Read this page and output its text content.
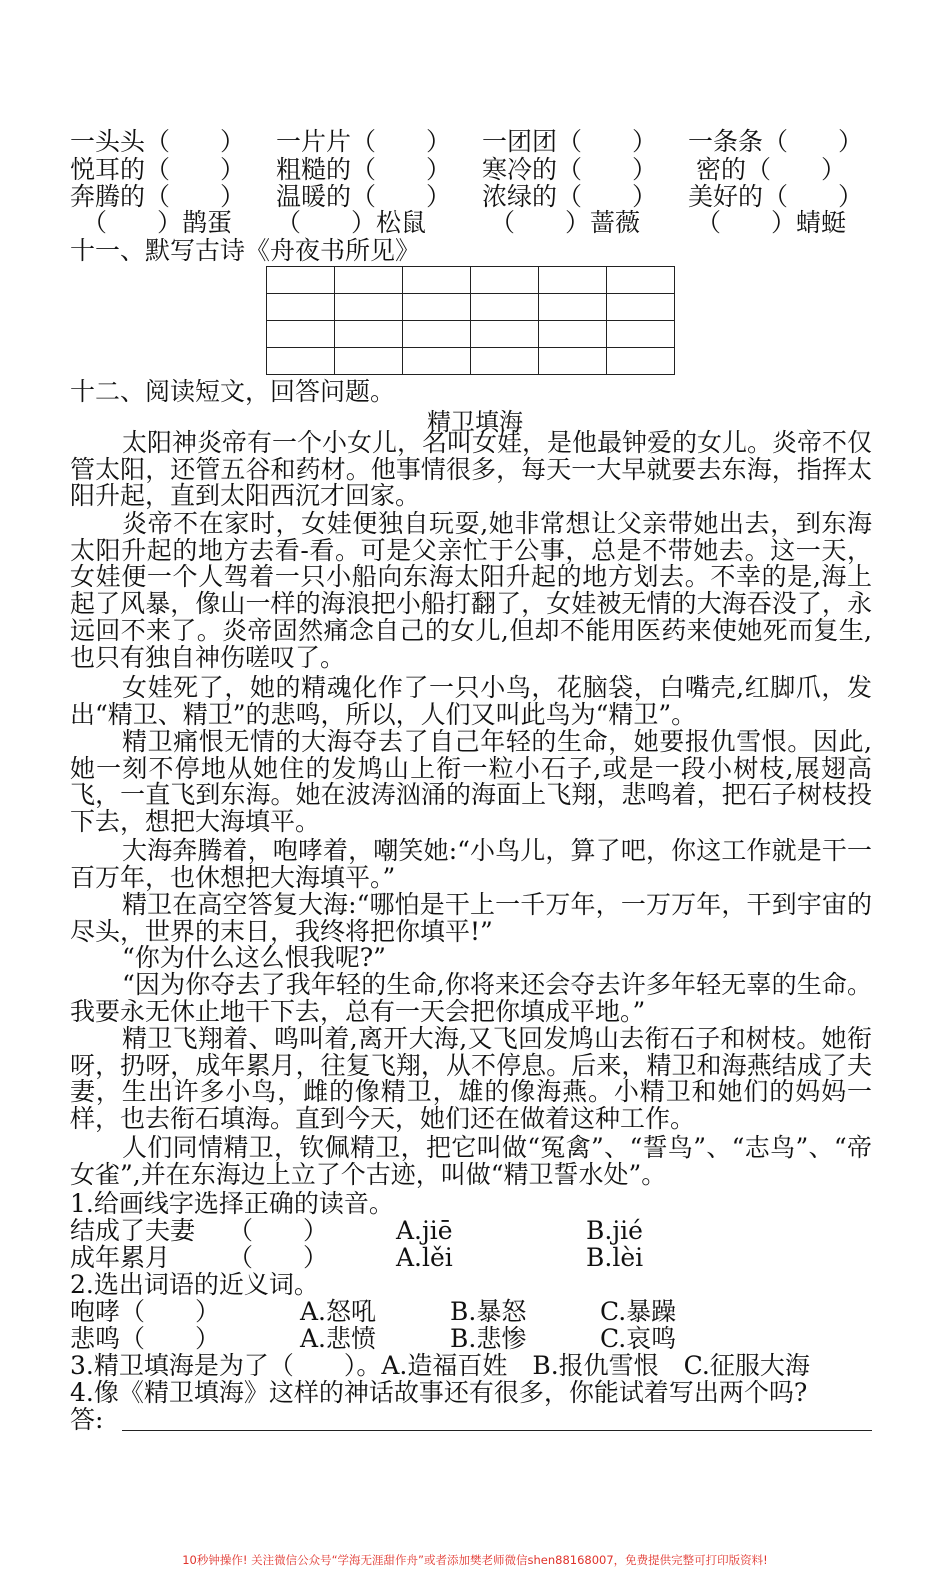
一头头（　　） 一片片（　　） 一团团（　　） 一条条（　　）
悦耳的（　　） 粗糙的（　　） 寒冷的（　　） 密的（　　）
奔腾的（　　） 温暖的（　　） 浓绿的（　　） 美好的（　　）
（　　）鹊蛋 （　　）松鼠	（　　）蔷薇 （　　）蜻蜓
十一、默写古诗《舟夜书所见》

十二、阅读短文，回答问题。
精卫填海
太阳神炎帝有一个小女儿，名叫女娃，是他最钟爱的女儿。炎帝不仅管太阳，还管五谷和药材。他事情很多，每天一大早就要去东海，指挥太阳升起，直到太阳西沉才回家。
炎帝不在家时，女娃便独自玩耍,她非常想让父亲带她出去，到东海太阳升起的地方去看-看。可是父亲忙于公事，总是不带她去。这一天，女娃便一个人驾着一只小船向东海太阳升起的地方划去。不幸的是,海上起了风暴，像山一样的海浪把小船打翻了，女娃被无情的大海吞没了，永远回不来了。炎帝固然痛念自己的女儿,但却不能用医药来使她死而复生,也只有独自神伤嗟叹了。
女娃死了，她的精魂化作了一只小鸟，花脑袋，白嘴壳,红脚爪，发出“精卫、精卫”的悲鸣，所以，人们又叫此鸟为“精卫”。
精卫痛恨无情的大海夺去了自己年轻的生命，她要报仇雪恨。因此,她一刻不停地从她住的发鸠山上衔一粒小石子,或是一段小树枝,展翅高飞，一直飞到东海。她在波涛汹涌的海面上飞翔，悲鸣着，把石子树枝投下去，想把大海填平。
大海奔腾着，咆哮着，嘲笑她:“小鸟儿，算了吧，你这工作就是干一百万年，也休想把大海填平。”
精卫在高空答复大海:“哪怕是干上一千万年，一万万年，干到宇宙的尽头，世界的末日，我终将把你填平!”
“你为什么这么恨我呢?”
“因为你夺去了我年轻的生命,你将来还会夺去许多年轻无辜的生命。我要永无休止地干下去，总有一天会把你填成平地。”
精卫飞翔着、鸣叫着,离开大海,又飞回发鸠山去衔石子和树枝。她衔呀，扔呀，成年累月，往复飞翔，从不停息。后来，精卫和海燕结成了夫妻，生出许多小鸟，雌的像精卫，雄的像海燕。小精卫和她们的妈妈一样，也去衔石填海。直到今天，她们还在做着这种工作。
人们同情精卫，钦佩精卫，把它叫做“冤禽”、“誓鸟”、“志鸟”、“帝女雀”,并在东海边上立了个古迹，叫做“精卫誓水处”。
1.给画线字选择正确的读音。
结成了夫妻 （　　）	A.jiē	B.jié
成年累月 （　　）	A.lěi	B.lèi
2.选出词语的近义词。
咆哮（　　）	A.怒吼	B.暴怒	C.暴躁
悲鸣（　　）	A.悲愤	B.悲惨	C.哀鸣
3.精卫填海是为了（　　）。A.造福百姓　B.报仇雪恨　C.征服大海
4.像《精卫填海》这样的神话故事还有很多，你能试着写出两个吗?
答:
10秒钟操作! 关注微信公众号“学海无涯甜作舟”或者添加樊老师微信shen88168007，免费提供完整可打印版资料!
